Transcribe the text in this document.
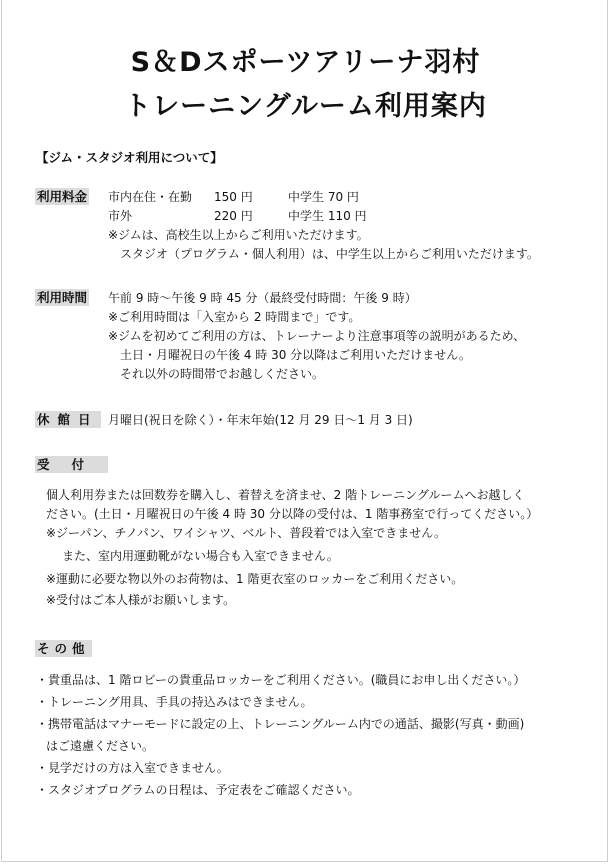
S＆Dスポーツアリーナ羽村
トレーニングルーム利用案内
【ジム・スタジオ利用について】
利用料金 市内在住・在勤 150 円	中学生 70 円
市外	220 円	中学生 110 円
※ジムは、高校生以上からご利用いただけます。
スタジオ（プログラム・個人利用）は、中学生以上からご利用いただけます。
利用時間 午前 9 時～午後 9 時 45 分（最終受付時間：午後 9 時）
※ご利用時間は「入室から 2 時間まで」です。
※ジムを初めてご利用の方は、トレーナーより注意事項等の説明があるため、
土日・月曜祝日の午後 4 時 30 分以降はご利用いただけません。
それ以外の時間帯でお越しください。
休館日 月曜日(祝日を除く）・年末年始(12 月 29 日～1 月 3 日)
受付
個人利用券または回数券を購入し、着替えを済ませ、2 階トレーニングルームへお越しく
ださい。(土日・月曜祝日の午後 4 時 30 分以降の受付は、1 階事務室で行ってください。）
※ジーパン、チノパン、ワイシャツ、ベルト、普段着では入室できません。
また、室内用運動靴がない場合も入室できません。
※運動に必要な物以外のお荷物は、1 階更衣室のロッカーをご利用ください。
※受付はご本人様がお願いします。
その他
・貴重品は、1 階ロビーの貴重品ロッカーをご利用ください。(職員にお申し出ください。）
・トレーニング用具、手具の持込みはできません。
・携帯電話はマナーモードに設定の上、トレーニングルーム内での通話、撮影(写真・動画)
はご遠慮ください。
・見学だけの方は入室できません。
・スタジオプログラムの日程は、予定表をご確認ください。
